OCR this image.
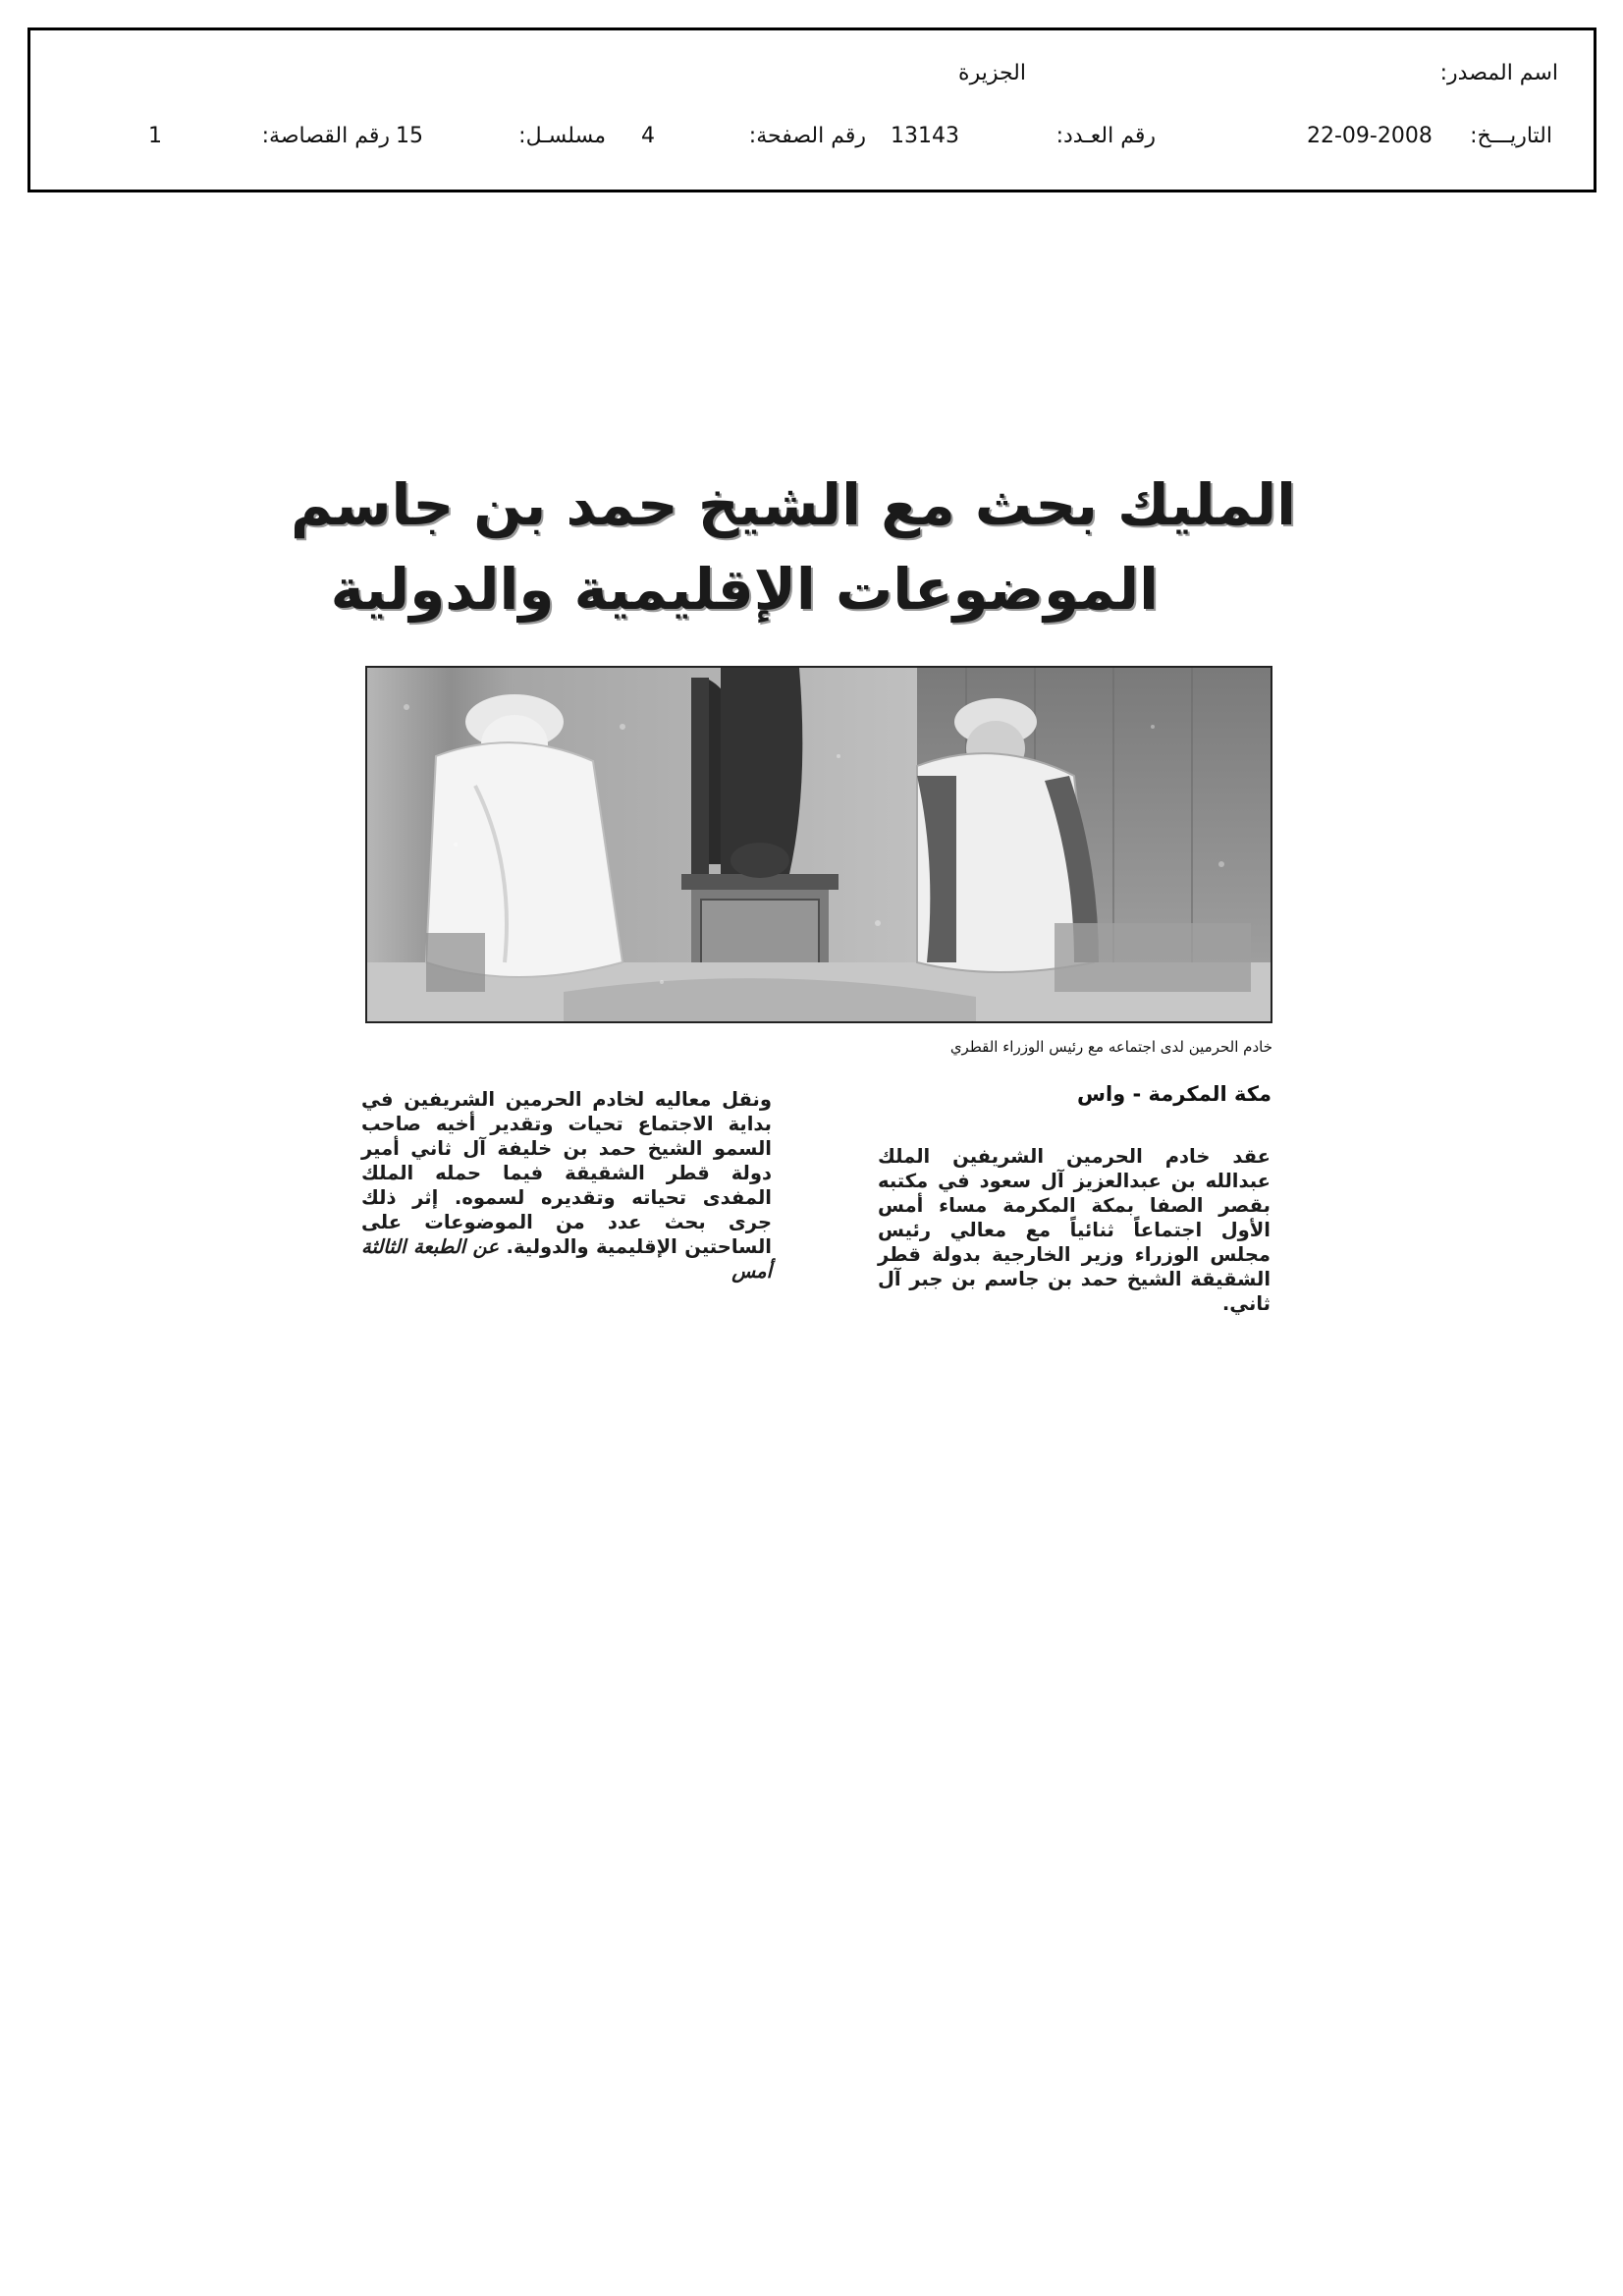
اسم المصدر:
الجزيرة
التاريـــخ:
22-09-2008
رقم العـدد:
13143
رقم الصفحة:
4
مسلسـل:
15
رقم القصاصة:
1
المليك بحث مع الشيخ حمد بن جاسم
الموضوعات الإقليمية والدولية
خادم الحرمين لدى اجتماعه مع رئيس الوزراء القطري
مكة المكرمة - واس
عقد خادم الحرمين الشريفين الملك عبدالله بن عبدالعزيز آل سعود في مكتبه بقصر الصفا بمكة المكرمة مساء أمس الأول اجتماعاً ثنائياً مع معالي رئيس مجلس الوزراء وزير الخارجية بدولة قطر الشقيقة الشيخ حمد بن جاسم بن جبر آل ثاني.
ونقل معاليه لخادم الحرمين الشريفين في بداية الاجتماع تحيات وتقدير أخيه صاحب السمو الشيخ حمد بن خليفة آل ثاني أمير دولة قطر الشقيقة فيما حمله الملك المفدى تحياته وتقديره لسموه. إثر ذلك جرى بحث عدد من الموضوعات على الساحتين الإقليمية والدولية. عن الطبعة الثالثة أمس
